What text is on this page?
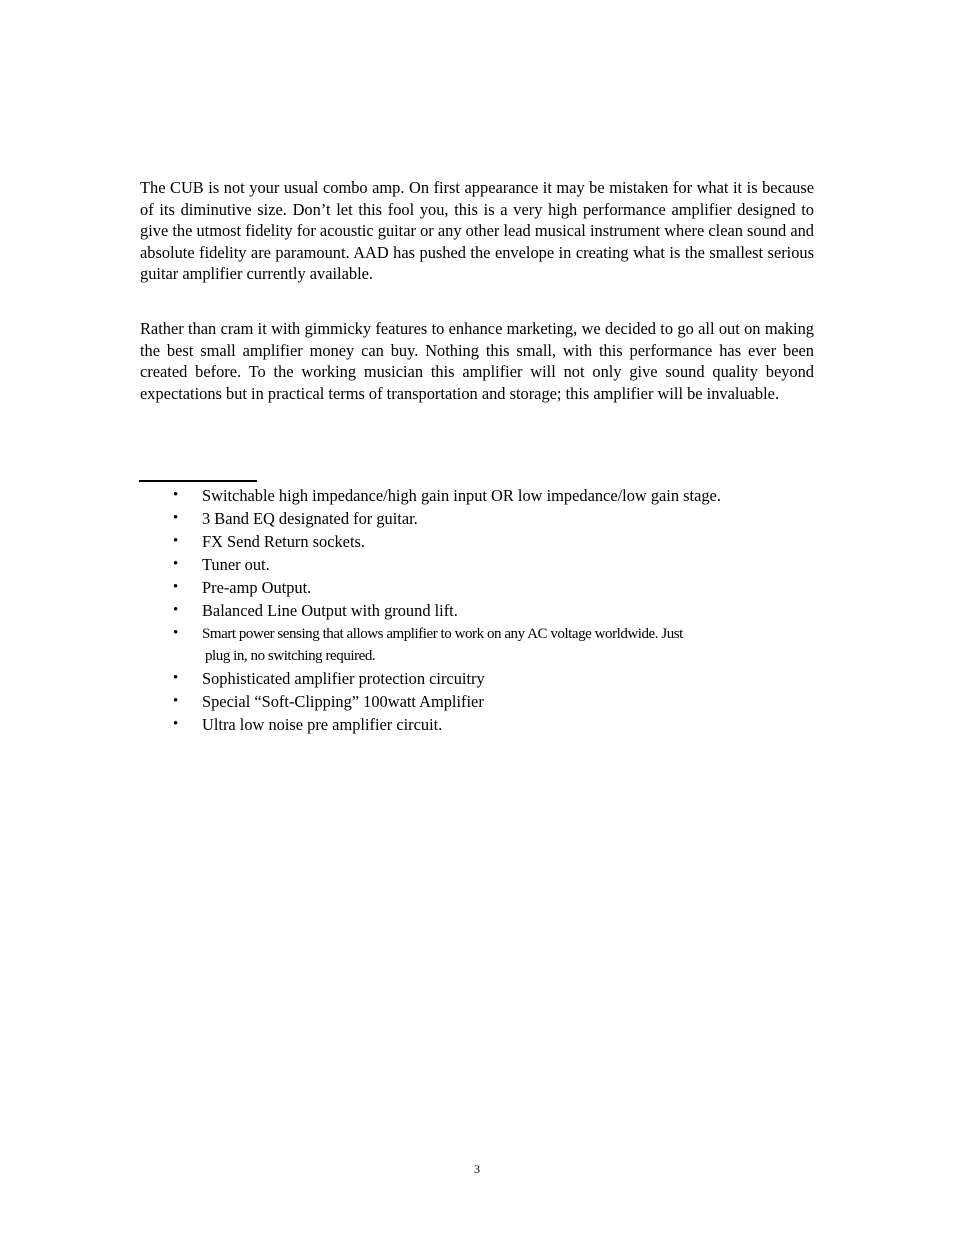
The CUB is not your usual combo amp. On first appearance it may be mistaken for what it is because of its diminutive size. Don’t let this fool you, this is a very high performance amplifier designed to give the utmost fidelity for acoustic guitar or any other lead musical instrument where clean sound and absolute fidelity are paramount. AAD has pushed the envelope in creating what is the smallest serious guitar amplifier currently available.

Rather than cram it with gimmicky features to enhance marketing, we decided to go all out on making the best small amplifier money can buy. Nothing this small, with this performance has ever been created before. To the working musician this amplifier will not only give sound quality beyond expectations but in practical terms of transportation and storage; this amplifier will be invaluable.

• Switchable high impedance/high gain input OR low impedance/low gain stage.
• 3 Band EQ designated for guitar.
• FX Send Return sockets.
• Tuner out.
• Pre-amp Output.
• Balanced Line Output with ground lift.
• Smart power sensing that allows amplifier to work on any AC voltage worldwide. Just
plug in, no switching required.
• Sophisticated amplifier protection circuitry
• Special “Soft-Clipping” 100watt Amplifier
• Ultra low noise pre amplifier circuit.
3
